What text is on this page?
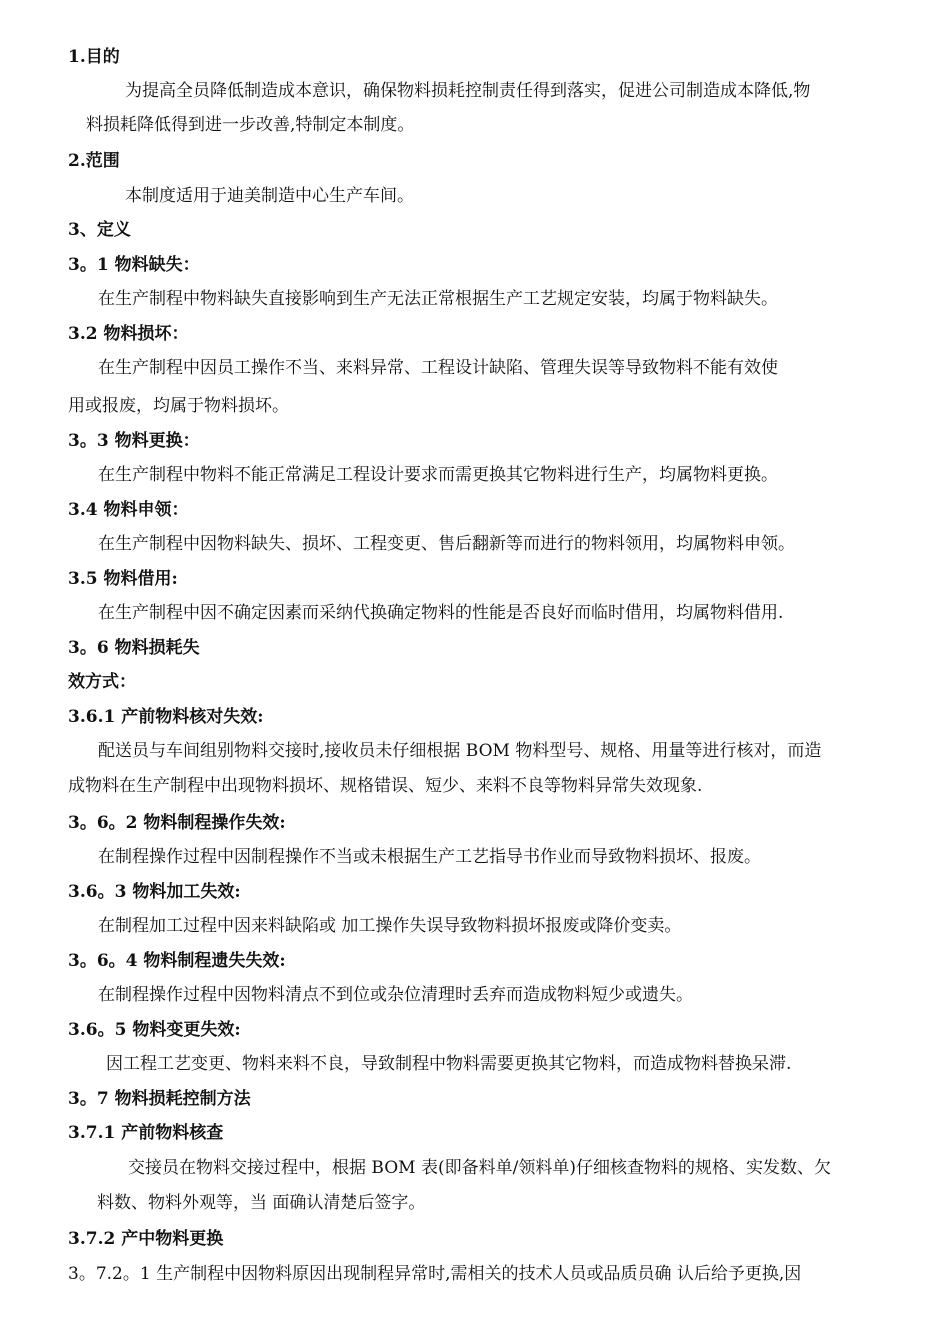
1.目的
为提高全员降低制造成本意识，确保物料损耗控制责任得到落实，促进公司制造成本降低,物
料损耗降低得到进一步改善,特制定本制度。
2.范围
本制度适用于迪美制造中心生产车间。
3、定义
3。1 物料缺失：
在生产制程中物料缺失直接影响到生产无法正常根据生产工艺规定安装，均属于物料缺失。
3.2 物料损坏：
在生产制程中因员工操作不当、来料异常、工程设计缺陷、管理失误等导致物料不能有效使
用或报废，均属于物料损坏。
3。3 物料更换：
在生产制程中物料不能正常满足工程设计要求而需更换其它物料进行生产，均属物料更换。
3.4 物料申领：
在生产制程中因物料缺失、损坏、工程变更、售后翻新等而进行的物料领用，均属物料申领。
3.5 物料借用:
在生产制程中因不确定因素而采纳代换确定物料的性能是否良好而临时借用，均属物料借用.
3。6 物料损耗失
效方式：
3.6.1 产前物料核对失效:
配送员与车间组别物料交接时,接收员未仔细根据 BOM 物料型号、规格、用量等进行核对，而造
成物料在生产制程中出现物料损坏、规格错误、短少、来料不良等物料异常失效现象.
3。6。2 物料制程操作失效:
在制程操作过程中因制程操作不当或未根据生产工艺指导书作业而导致物料损坏、报废。
3.6。3 物料加工失效:
在制程加工过程中因来料缺陷或 加工操作失误导致物料损坏报废或降价变卖。
3。6。4 物料制程遗失失效:
在制程操作过程中因物料清点不到位或杂位清理时丢弃而造成物料短少或遗失。
3.6。5 物料变更失效:
因工程工艺变更、物料来料不良，导致制程中物料需要更换其它物料，而造成物料替换呆滞.
3。7 物料损耗控制方法
3.7.1 产前物料核查
交接员在物料交接过程中，根据 BOM 表(即备料单/领料单)仔细核查物料的规格、实发数、欠
料数、物料外观等，当 面确认清楚后签字。
3.7.2 产中物料更换
3。7.2。1 生产制程中因物料原因出现制程异常时,需相关的技术人员或品质员确 认后给予更换,因
